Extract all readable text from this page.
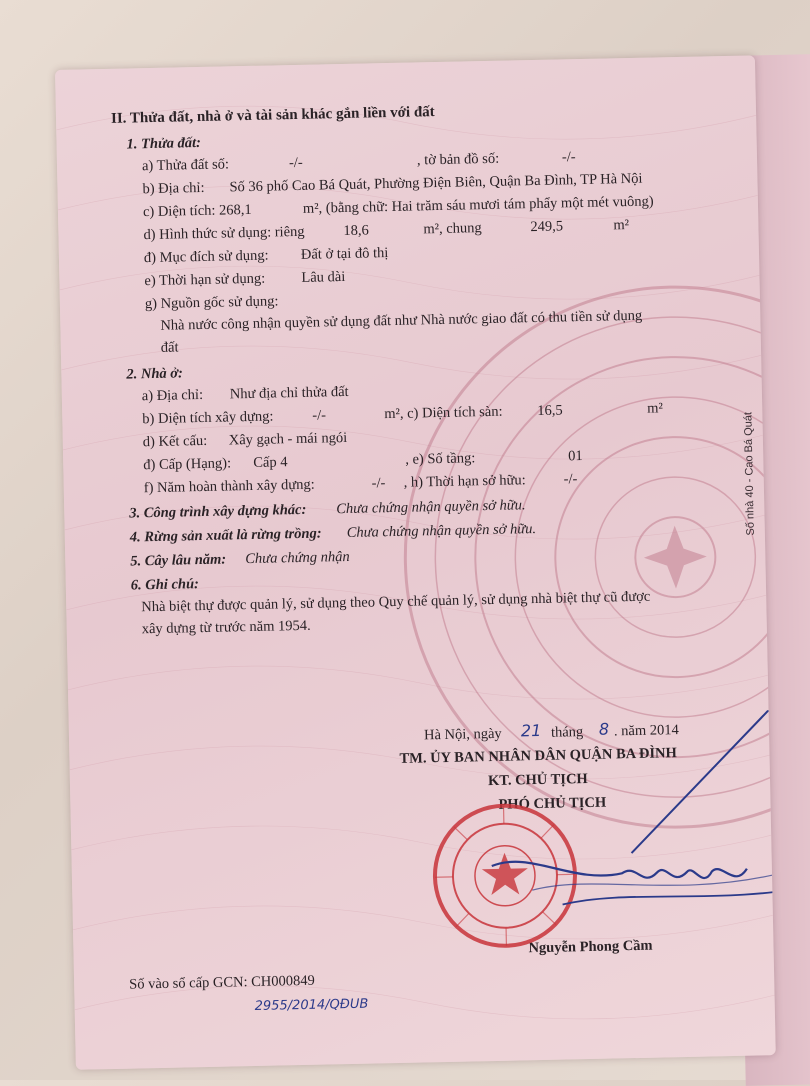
II. Thửa đất, nhà ở và tài sản khác gắn liền với đất
1. Thửa đất:
a) Thửa đất số:	-/-	, tờ bản đồ số:	-/-
b) Địa chỉ: Số 36 phố Cao Bá Quát, Phường Điện Biên, Quận Ba Đình, TP Hà Nội
c) Diện tích: 268,1	m², (bằng chữ: Hai trăm sáu mươi tám phẩy một mét vuông)
d) Hình thức sử dụng: riêng	18,6	m², chung	249,5	m²
đ) Mục đích sử dụng: Đất ở tại đô thị
e) Thời hạn sử dụng: Lâu dài
g) Nguồn gốc sử dụng:
Nhà nước công nhận quyền sử dụng đất như Nhà nước giao đất có thu tiền sử dụng
đất
2. Nhà ở:
a) Địa chỉ: Như địa chỉ thửa đất
b) Diện tích xây dựng:	-/-	m², c) Diện tích sàn: 16,5	m²
d) Kết cấu: Xây gạch - mái ngói
đ) Cấp (Hạng): Cấp 4	, e) Số tầng:	01
f) Năm hoàn thành xây dựng:	-/- , h) Thời hạn sở hữu:	-/-
3. Công trình xây dựng khác: Chưa chứng nhận quyền sở hữu.
4. Rừng sản xuất là rừng trồng: Chưa chứng nhận quyền sở hữu.
5. Cây lâu năm: Chưa chứng nhận
6. Ghi chú:
Nhà biệt thự được quản lý, sử dụng theo Quy chế quản lý, sử dụng nhà biệt thự cũ được
xây dựng từ trước năm 1954.
Hà Nội, ngày 21 tháng 8 . năm 2014
TM. ỦY BAN NHÂN DÂN QUẬN BA ĐÌNH
KT. CHỦ TỊCH
PHÓ CHỦ TỊCH
Nguyễn Phong Cầm
Số vào sổ cấp GCN: CH000849
2955/2014/QĐUB
Số nhà 40 - Cao Bá Quát
